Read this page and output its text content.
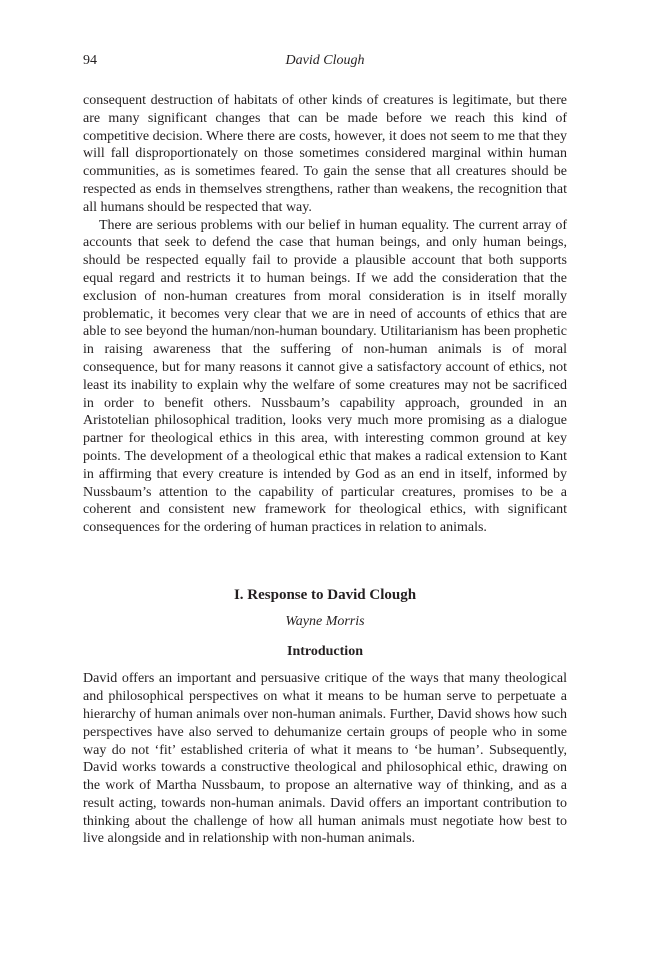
94	David Clough

consequent destruction of habitats of other kinds of creatures is legitimate, but there are many significant changes that can be made before we reach this kind of competitive decision. Where there are costs, however, it does not seem to me that they will fall disproportionately on those sometimes considered marginal within human communities, as is sometimes feared. To gain the sense that all creatures should be respected as ends in themselves strengthens, rather than weakens, the recognition that all humans should be respected that way.

There are serious problems with our belief in human equality. The current array of accounts that seek to defend the case that human beings, and only human beings, should be respected equally fail to provide a plausible account that both supports equal regard and restricts it to human beings. If we add the consideration that the exclusion of non-human creatures from moral consideration is in itself morally problematic, it becomes very clear that we are in need of accounts of ethics that are able to see beyond the human/non-human boundary. Utilitarianism has been prophetic in raising awareness that the suffering of non-human animals is of moral consequence, but for many reasons it cannot give a satisfactory account of ethics, not least its inability to explain why the welfare of some creatures may not be sacrificed in order to benefit others. Nussbaum’s capability approach, grounded in an Aristotelian philosophical tradition, looks very much more promising as a dialogue partner for theological ethics in this area, with interesting common ground at key points. The development of a theological ethic that makes a radical extension to Kant in affirming that every creature is intended by God as an end in itself, informed by Nussbaum’s attention to the capability of particular creatures, promises to be a coherent and consistent new framework for theological ethics, with significant consequences for the ordering of human practices in relation to animals.

I. Response to David Clough
Wayne Morris
Introduction

David offers an important and persuasive critique of the ways that many theological and philosophical perspectives on what it means to be human serve to perpetuate a hierarchy of human animals over non-human animals. Further, David shows how such perspectives have also served to dehumanize certain groups of people who in some way do not ‘fit’ established criteria of what it means to ‘be human’. Subsequently, David works towards a constructive theological and philosophical ethic, drawing on the work of Martha Nussbaum, to propose an alternative way of thinking, and as a result acting, towards non-human animals. David offers an important contribution to thinking about the challenge of how all human animals must negotiate how best to live alongside and in relationship with non-human animals.
